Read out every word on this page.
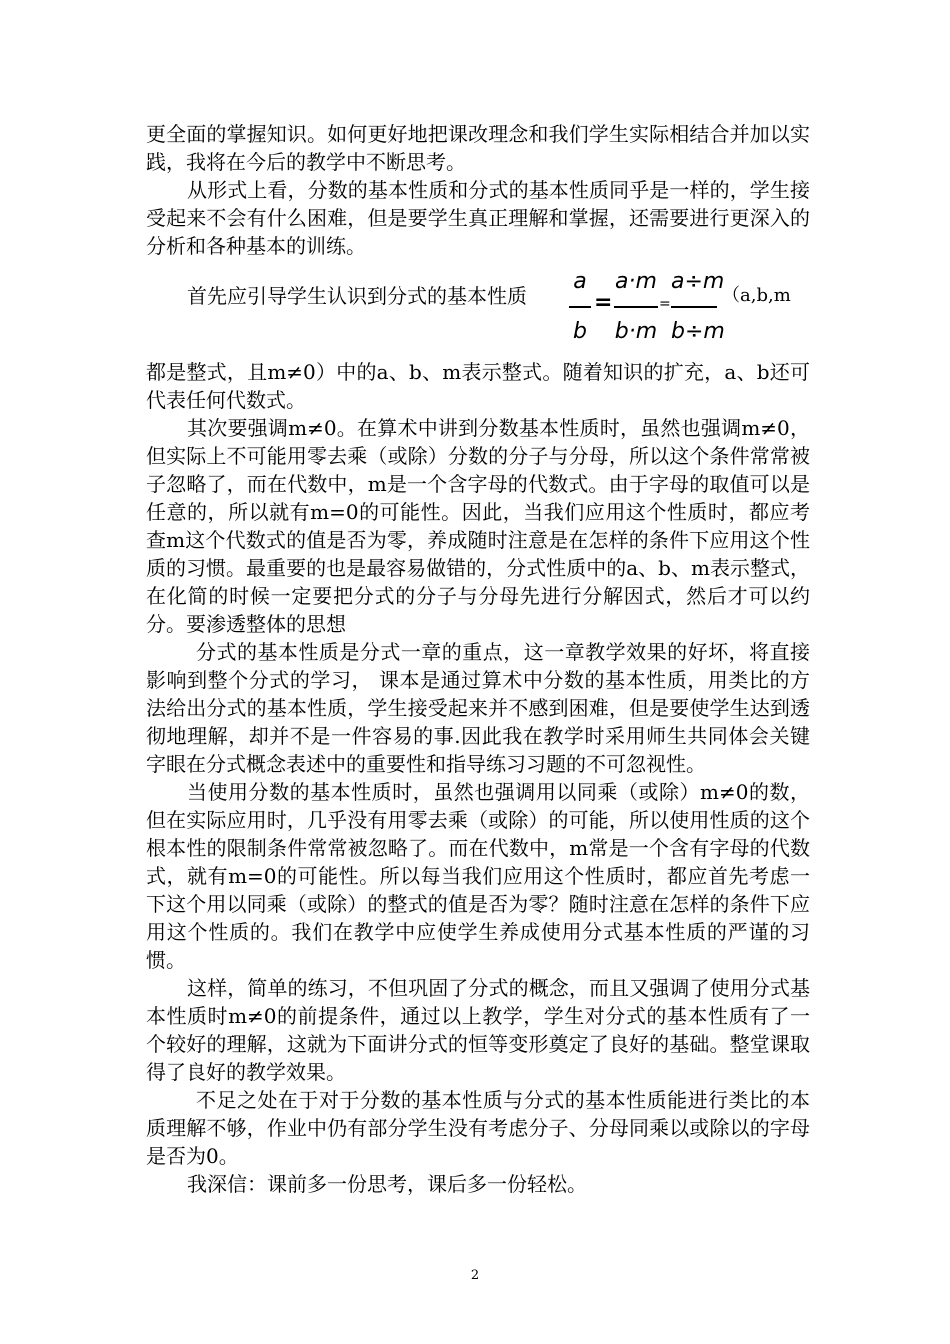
更全面的掌握知识。如何更好地把课改理念和我们学生实际相结合并加以实践，我将在今后的教学中不断思考。

从形式上看，分数的基本性质和分式的基本性质同乎是一样的，学生接受起来不会有什么困难，但是要学生真正理解和掌握，还需要进行更深入的分析和各种基本的训练。

首先应引导学生认识到分式的基本性质
a
b
=
a·m
b·m
=
a÷m
b÷m
（a,b,m

都是整式，且m≠0）中的a、b、m表示整式。随着知识的扩充，a、b还可代表任何代数式。

其次要强调m≠0。在算术中讲到分数基本性质时，虽然也强调m≠0，但实际上不可能用零去乘（或除）分数的分子与分母，所以这个条件常常被子忽略了，而在代数中，m是一个含字母的代数式。由于字母的取值可以是任意的，所以就有m=0的可能性。因此，当我们应用这个性质时，都应考查m这个代数式的值是否为零，养成随时注意是在怎样的条件下应用这个性质的习惯。最重要的也是最容易做错的，分式性质中的a、b、m表示整式，在化简的时候一定要把分式的分子与分母先进行分解因式，然后才可以约分。要渗透整体的思想

分式的基本性质是分式一章的重点，这一章教学效果的好坏，将直接影响到整个分式的学习， 课本是通过算术中分数的基本性质，用类比的方法给出分式的基本性质，学生接受起来并不感到困难，但是要使学生达到透彻地理解，却并不是一件容易的事.因此我在教学时采用师生共同体会关键字眼在分式概念表述中的重要性和指导练习习题的不可忽视性。

当使用分数的基本性质时，虽然也强调用以同乘（或除）m≠0的数，但在实际应用时，几乎没有用零去乘（或除）的可能，所以使用性质的这个根本性的限制条件常常被忽略了。而在代数中，m常是一个含有字母的代数式，就有m=0的可能性。所以每当我们应用这个性质时，都应首先考虑一下这个用以同乘（或除）的整式的值是否为零？随时注意在怎样的条件下应用这个性质的。我们在教学中应使学生养成使用分式基本性质的严谨的习惯。

这样，简单的练习，不但巩固了分式的概念，而且又强调了使用分式基本性质时m≠0的前提条件，通过以上教学，学生对分式的基本性质有了一个较好的理解，这就为下面讲分式的恒等变形奠定了良好的基础。整堂课取得了良好的教学效果。

不足之处在于对于分数的基本性质与分式的基本性质能进行类比的本质理解不够，作业中仍有部分学生没有考虑分子、分母同乘以或除以的字母是否为0。

我深信：课前多一份思考，课后多一份轻松。

2
